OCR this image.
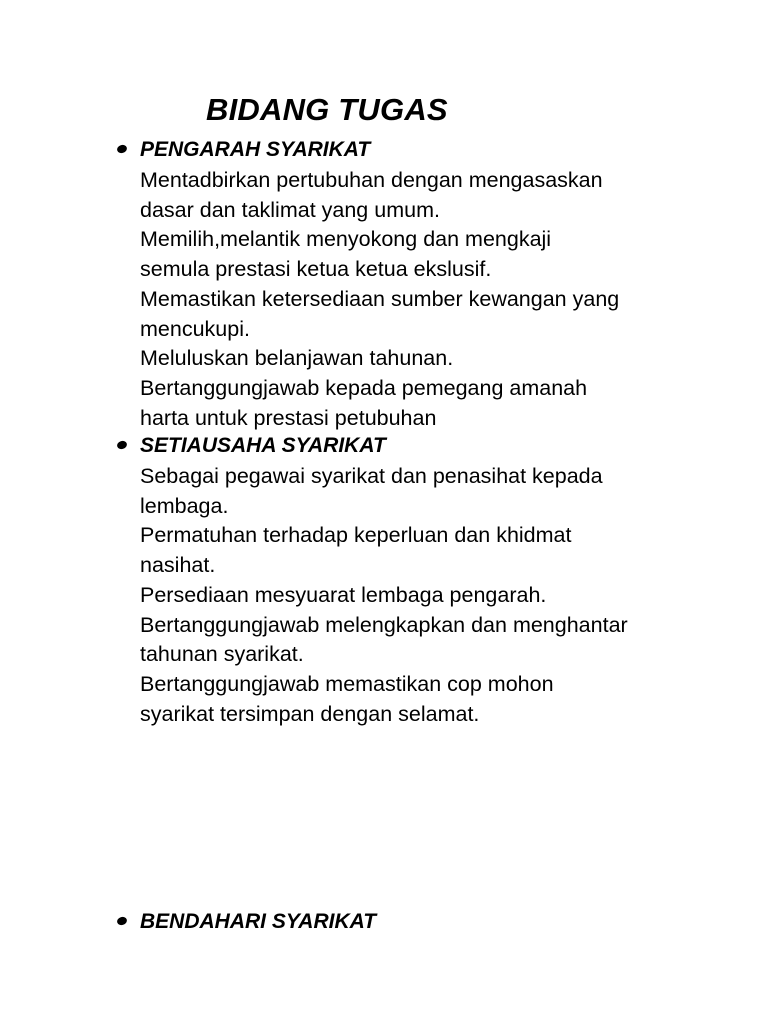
BIDANG TUGAS
PENGARAH SYARIKAT
Mentadbirkan pertubuhan dengan mengasaskan
dasar dan taklimat yang umum.
Memilih,melantik menyokong dan mengkaji
semula prestasi ketua ketua ekslusif.
Memastikan ketersediaan sumber kewangan yang
mencukupi.
Meluluskan belanjawan tahunan.
Bertanggungjawab kepada pemegang amanah
harta untuk prestasi petubuhan
SETIAUSAHA SYARIKAT
Sebagai pegawai syarikat dan penasihat kepada
lembaga.
Permatuhan terhadap keperluan dan khidmat
nasihat.
Persediaan mesyuarat lembaga pengarah.
Bertanggungjawab melengkapkan dan menghantar
tahunan syarikat.
Bertanggungjawab memastikan cop mohon
syarikat tersimpan dengan selamat.
BENDAHARI SYARIKAT
